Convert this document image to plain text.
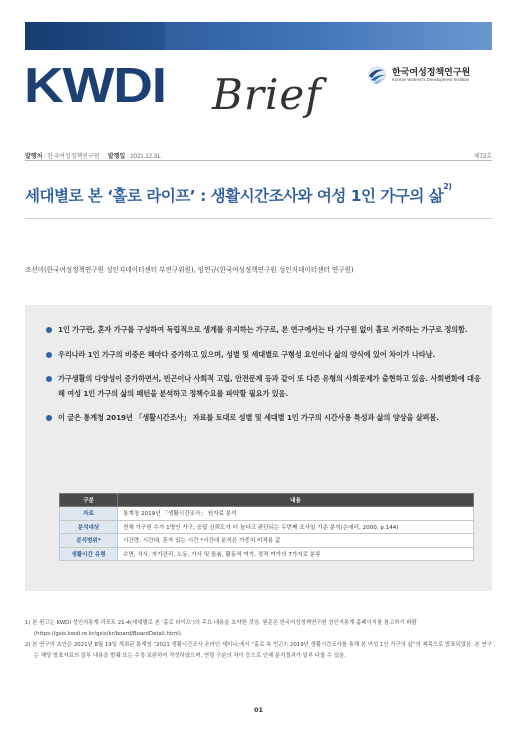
KWDI Brief	한국여성정책연구원
Korean Women's Development Institute
발행처 : 한국여성정책연구원 발행일 : 2021.12.31.	제72호
세대별로 본 ‘홀로 라이프’ : 생활시간조사와 여성 1인 가구의 삶$^{2)}$
조선미(한국여성정책연구원 성인지데이터센터 부연구위원), 임연규(한국여성정책연구원 성인지데이터센터 연구원)
1인 가구란, 혼자 가구를 구성하여 독립적으로 생계를 유지하는 가구로, 본 연구에서는 타 가구원 없이 홀로 거주하는 가구로 정의함.
우리나라 1인 가구의 비중은 해마다 증가하고 있으며, 성별 및 세대별로 구형성 요인이나 삶의 양식에 있어 차이가 나타남.
가구생활의 다양성이 증가하면서, 빈곤이나 사회적 고립, 안전문제 등과 같이 또 다른 유형의 사회문제가 출현하고 있음. 사회변화에 대응해 여성 1인 가구의 삶의 패턴을 분석하고 정책수요를 파악할 필요가 있음.
이 글은 통계청 2019년 「생활시간조사」 자료를 토대로 성별 및 세대별 1인 가구의 시간사용 특성과 삶의 양상을 살펴봄.
구분	내용
자료	통계청 2019년 「생활시간조사」 원자료 분석
분석대상	전체 가구원 수가 1명인 가구, 응답 신뢰도가 더 높다고 판단되는 두번째 조사일 기준 분석(손애리, 2000, p.144)
분석범위*	시간량, 시간대, 혼자 있는 시간 *시간대 분석은 가중치 미적용 값
생활시간 유형	수면, 식사, 자기관리, 노동, 가사 및 돌봄, 활동적 여가, 정적 여가의 7가지로 분류

1) 본 원고는 KWDI 성인지통계 리포트 21-4(세대별로 본 ‘홀로 라이프’)의 주요 내용을 요약한 것임. 원문은 한국여성정책연구원 성인지통계 홈페이지를 참고하기 바람(https://gsis.kwdi.re.kr/gsis/kr/board/BoardDetail.html).

2) 본 연구의 초안은 2021년 8월 19일 개최된 통계청 “2021 생활시간조사 온라인 세미나,에서 “홀로 속 빈곤?: 2019년 생활시간조사를 통해 본 여성 1인 가구의 삶”의 제목으로 발표되었음. 본 연구는 해당 발표자료의 일부 내용을 발췌 또는 수정·보완하여 작성하였으며, 연령 구분의 차이 등으로 인해 분석결과가 일부 다를 수 있음.

01
